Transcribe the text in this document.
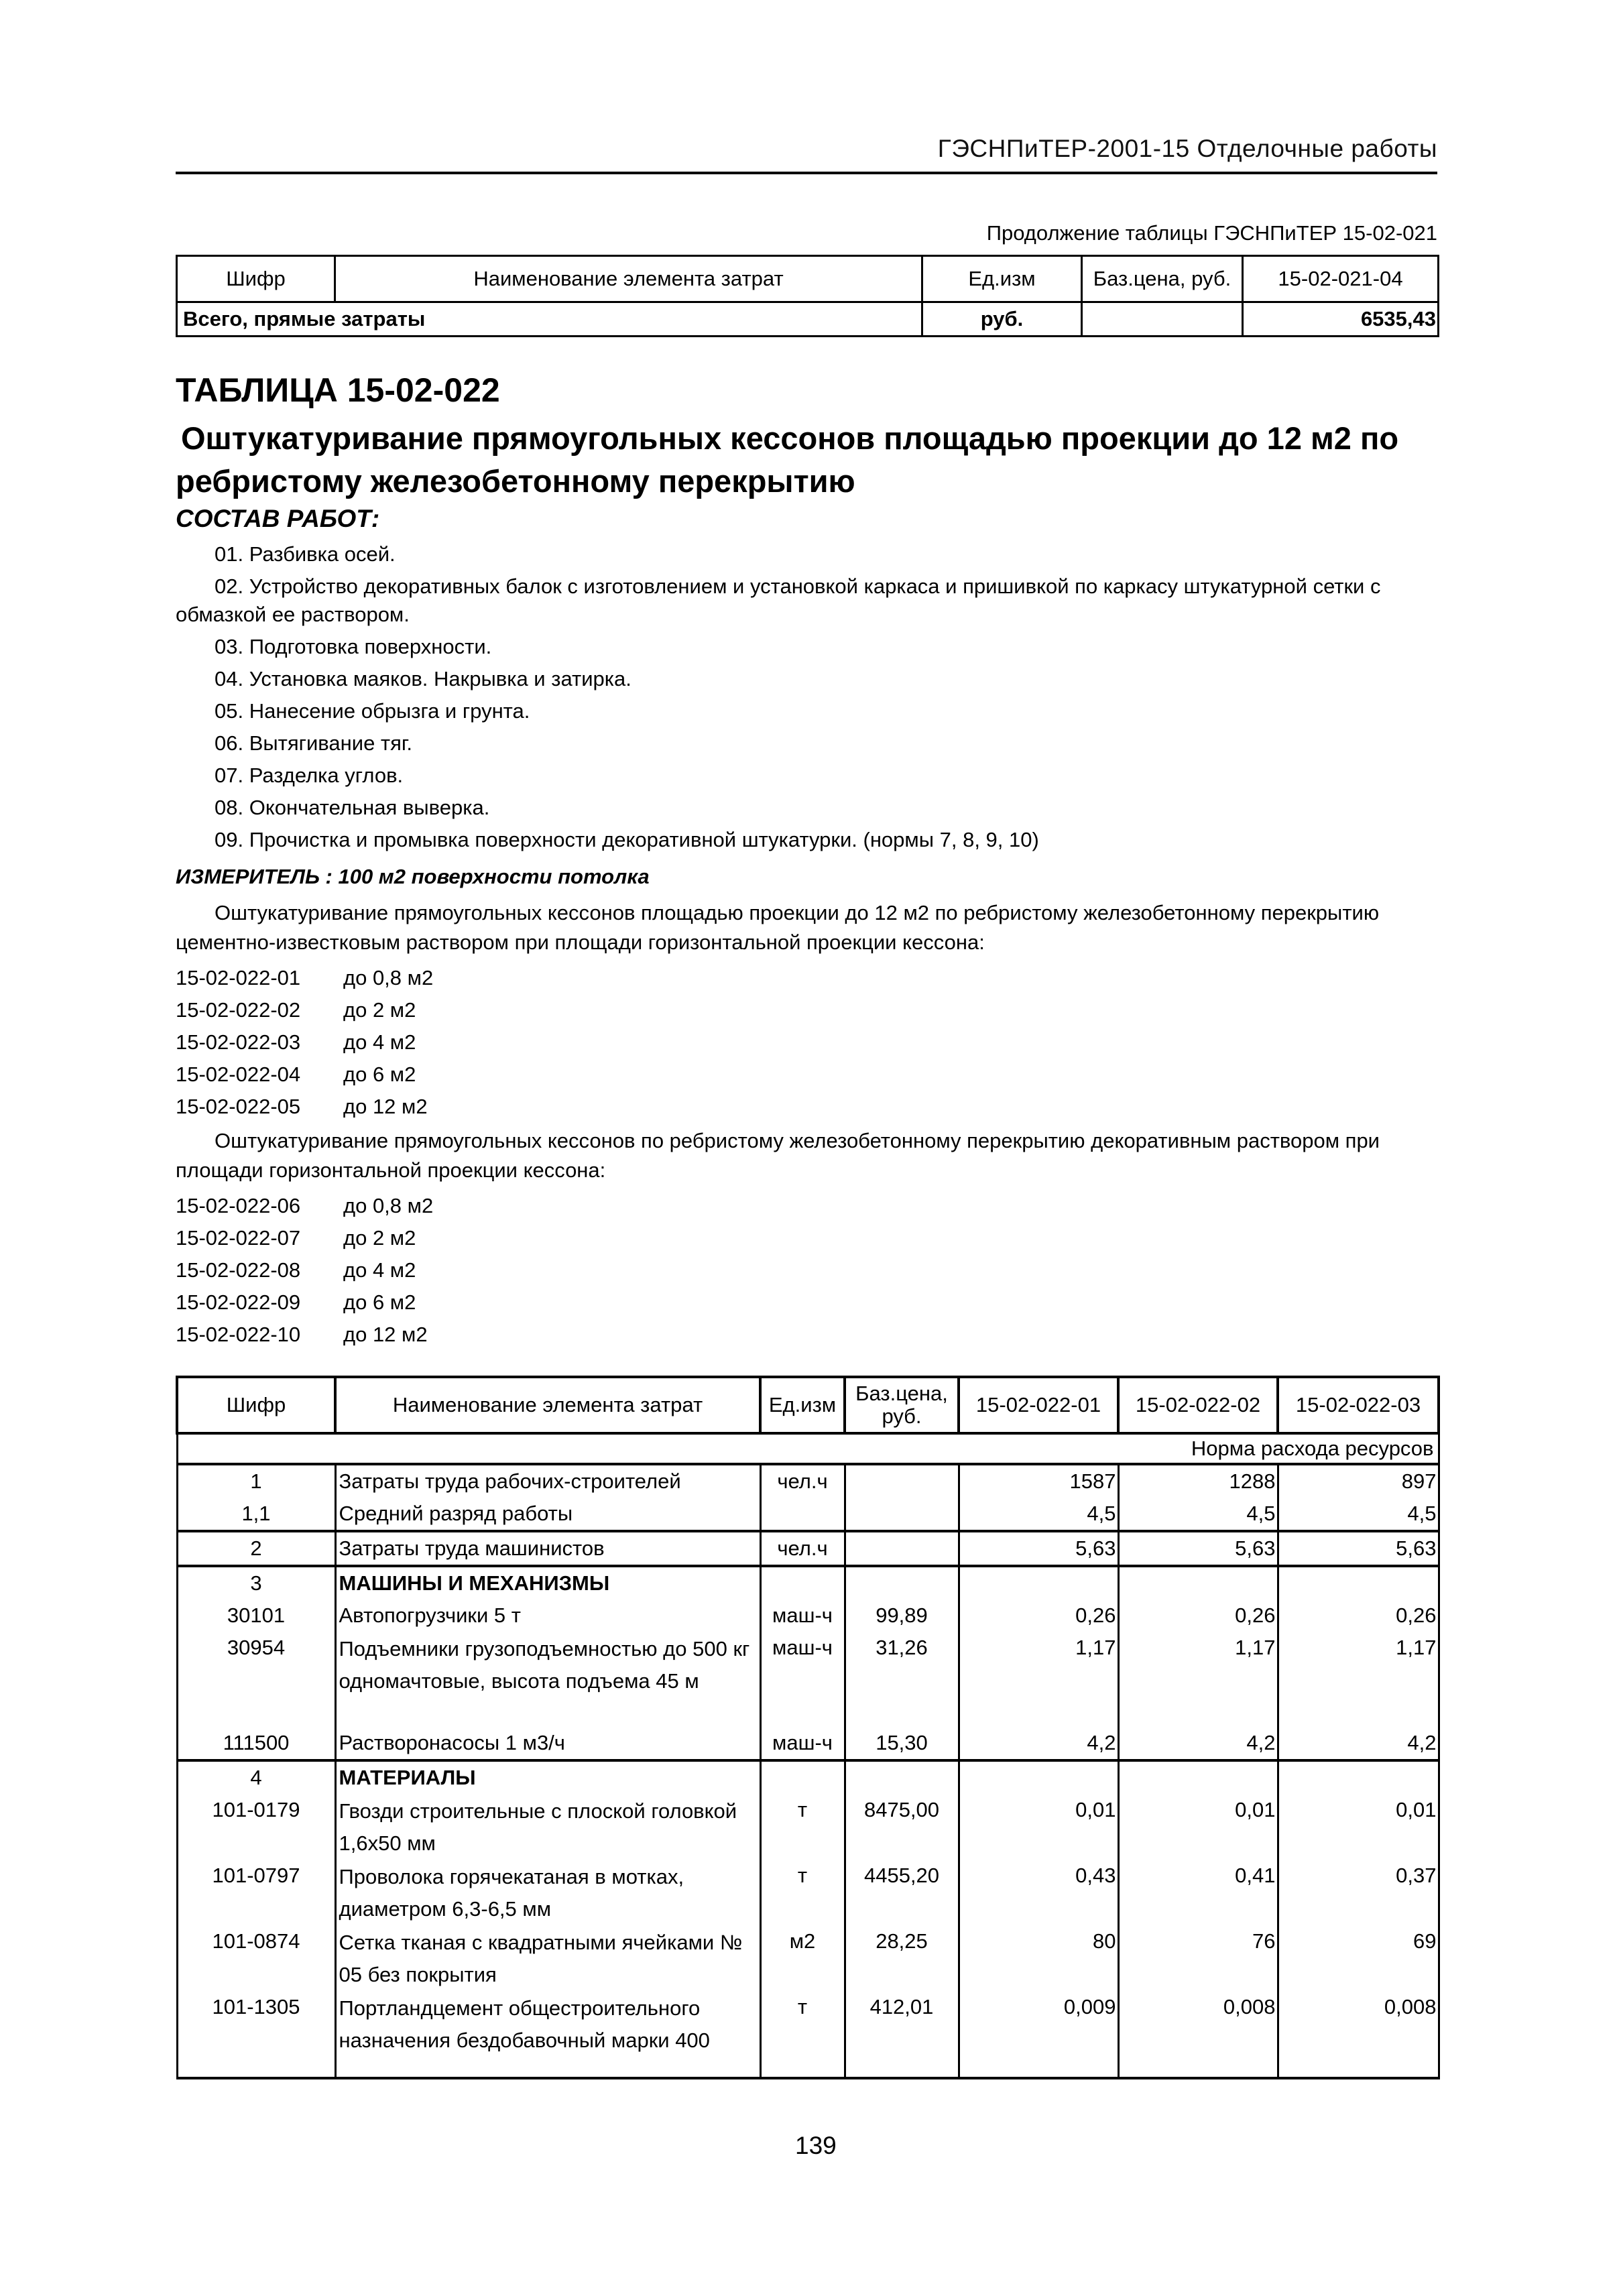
ГЭСНПиТЕР-2001-15 Отделочные работы
Продолжение таблицы ГЭСНПиТЕР 15-02-021
Шифр	Наименование элемента затрат	Ед.изм	Баз.цена, руб.	15-02-021-04
Всего, прямые затраты		руб.		6535,43
ТАБЛИЦА 15-02-022
Оштукатуривание прямоугольных кессонов площадью проекции до 12 м2 по ребристому железобетонному перекрытию
СОСТАВ РАБОТ:
01. Разбивка осей.
02. Устройство декоративных балок с изготовлением и установкой каркаса и пришивкой по каркасу штукатурной сетки с обмазкой ее раствором.
03. Подготовка поверхности.
04. Установка маяков. Накрывка и затирка.
05. Нанесение обрызга и грунта.
06. Вытягивание тяг.
07. Разделка углов.
08. Окончательная выверка.
09. Прочистка и промывка поверхности декоративной штукатурки. (нормы 7, 8, 9, 10)
ИЗМЕРИТЕЛЬ : 100 м2 поверхности потолка
Оштукатуривание прямоугольных кессонов площадью проекции до 12 м2 по ребристому железобетонному перекрытию цементно-известковым раствором при площади горизонтальной проекции кессона:
15-02-022-01	до 0,8 м2
15-02-022-02	до 2 м2
15-02-022-03	до 4 м2
15-02-022-04	до 6 м2
15-02-022-05	до 12 м2
Оштукатуривание прямоугольных кессонов по ребристому железобетонному перекрытию декоративным раствором при площади горизонтальной проекции кессона:
15-02-022-06	до 0,8 м2
15-02-022-07	до 2 м2
15-02-022-08	до 4 м2
15-02-022-09	до 6 м2
15-02-022-10	до 12 м2
Шифр	Наименование элемента затрат	Ед.изм	Баз.цена, руб.	15-02-022-01	15-02-022-02	15-02-022-03
Норма расхода ресурсов						
1	Затраты труда рабочих-строителей	чел.ч		1587	1288	897
1,1	Средний разряд работы			4,5	4,5	4,5
2	Затраты труда машинистов	чел.ч		5,63	5,63	5,63
3	МАШИНЫ И МЕХАНИЗМЫ					
30101	Автопогрузчики 5 т	маш-ч	99,89	0,26	0,26	0,26
30954	Подъемники грузоподъемностью до 500 кг одномачтовые, высота подъема 45 м	маш-ч	31,26	1,17	1,17	1,17
111500	Растворонасосы 1 м3/ч	маш-ч	15,30	4,2	4,2	4,2
4	МАТЕРИАЛЫ					
101-0179	Гвозди строительные с плоской головкой 1,6х50 мм	т	8475,00	0,01	0,01	0,01
101-0797	Проволока горячекатаная в мотках, диаметром 6,3-6,5 мм	т	4455,20	0,43	0,41	0,37
101-0874	Сетка тканая с квадратными ячейками № 05 без покрытия	м2	28,25	80	76	69
101-1305	Портландцемент общестроительного назначения бездобавочный марки 400	т	412,01	0,009	0,008	0,008
139
